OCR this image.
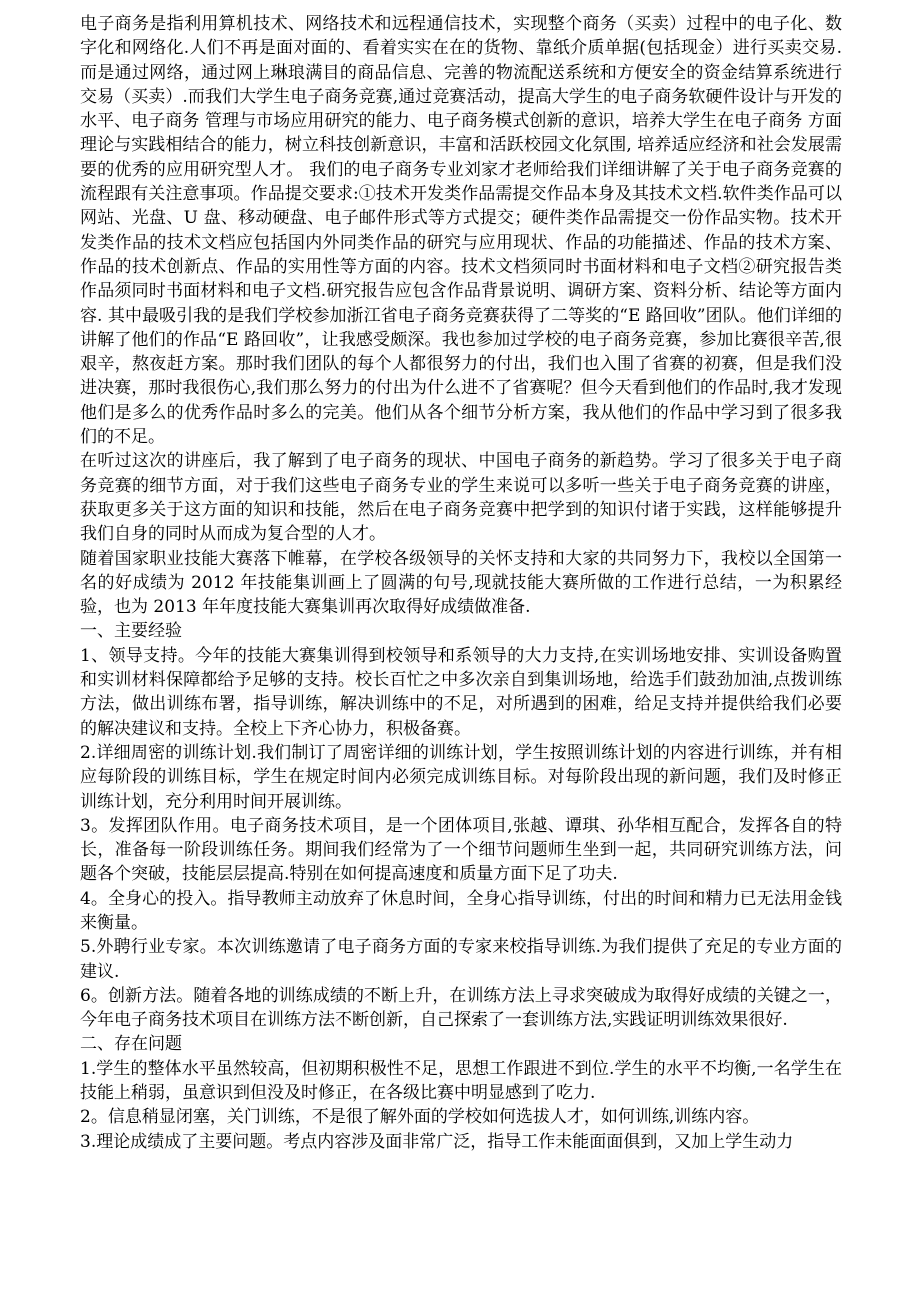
电子商务是指利用算机技术、网络技术和远程通信技术，实现整个商务（买卖）过程中的电子化、数字化和网络化.人们不再是面对面的、看着实实在在的货物、靠纸介质单据(包括现金）进行买卖交易.而是通过网络，通过网上琳琅满目的商品信息、完善的物流配送系统和方便安全的资金结算系统进行交易（买卖）.而我们大学生电子商务竞赛,通过竞赛活动，提高大学生的电子商务软硬件设计与开发的水平、电子商务 管理与市场应用研究的能力、电子商务模式创新的意识，培养大学生在电子商务 方面理论与实践相结合的能力，树立科技创新意识，丰富和活跃校园文化氛围, 培养适应经济和社会发展需要的优秀的应用研究型人才。 我们的电子商务专业刘家才老师给我们详细讲解了关于电子商务竞赛的流程跟有关注意事项。作品提交要求:①技术开发类作品需提交作品本身及其技术文档.软件类作品可以网站、光盘、U 盘、移动硬盘、电子邮件形式等方式提交；硬件类作品需提交一份作品实物。技术开发类作品的技术文档应包括国内外同类作品的研究与应用现状、作品的功能描述、作品的技术方案、作品的技术创新点、作品的实用性等方面的内容。技术文档须同时书面材料和电子文档②研究报告类作品须同时书面材料和电子文档.研究报告应包含作品背景说明、调研方案、资料分析、结论等方面内容. 其中最吸引我的是我们学校参加浙江省电子商务竞赛获得了二等奖的“E 路回收”团队。他们详细的讲解了他们的作品“E 路回收”，让我感受颇深。我也参加过学校的电子商务竞赛，参加比赛很辛苦,很艰辛，熬夜赶方案。那时我们团队的每个人都很努力的付出，我们也入围了省赛的初赛，但是我们没进决赛，那时我很伤心,我们那么努力的付出为什么进不了省赛呢？但今天看到他们的作品时,我才发现他们是多么的优秀作品时多么的完美。他们从各个细节分析方案，我从他们的作品中学习到了很多我们的不足。

在听过这次的讲座后，我了解到了电子商务的现状、中国电子商务的新趋势。学习了很多关于电子商务竞赛的细节方面，对于我们这些电子商务专业的学生来说可以多听一些关于电子商务竞赛的讲座，获取更多关于这方面的知识和技能，然后在电子商务竞赛中把学到的知识付诸于实践，这样能够提升我们自身的同时从而成为复合型的人才。

随着国家职业技能大赛落下帷幕，在学校各级领导的关怀支持和大家的共同努力下，我校以全国第一名的好成绩为 2012 年技能集训画上了圆满的句号,现就技能大赛所做的工作进行总结，一为积累经验，也为 2013 年年度技能大赛集训再次取得好成绩做准备.

一、主要经验

1、领导支持。今年的技能大赛集训得到校领导和系领导的大力支持,在实训场地安排、实训设备购置和实训材料保障都给予足够的支持。校长百忙之中多次亲自到集训场地，给选手们鼓劲加油,点拨训练方法，做出训练布署，指导训练，解决训练中的不足，对所遇到的困难，给足支持并提供给我们必要的解决建议和支持。全校上下齐心协力，积极备赛。

2.详细周密的训练计划.我们制订了周密详细的训练计划，学生按照训练计划的内容进行训练，并有相应每阶段的训练目标，学生在规定时间内必须完成训练目标。对每阶段出现的新问题，我们及时修正训练计划，充分利用时间开展训练。

3。发挥团队作用。电子商务技术项目，是一个团体项目,张越、谭琪、孙华相互配合，发挥各自的特长，准备每一阶段训练任务。期间我们经常为了一个细节问题师生坐到一起，共同研究训练方法，问题各个突破，技能层层提高.特别在如何提高速度和质量方面下足了功夫.

4。全身心的投入。指导教师主动放弃了休息时间，全身心指导训练，付出的时间和精力已无法用金钱来衡量。

5.外聘行业专家。本次训练邀请了电子商务方面的专家来校指导训练.为我们提供了充足的专业方面的建议.

6。创新方法。随着各地的训练成绩的不断上升，在训练方法上寻求突破成为取得好成绩的关键之一，今年电子商务技术项目在训练方法不断创新，自己探索了一套训练方法,实践证明训练效果很好.

二、存在问题

1.学生的整体水平虽然较高，但初期积极性不足，思想工作跟进不到位.学生的水平不均衡,一名学生在技能上稍弱，虽意识到但没及时修正，在各级比赛中明显感到了吃力.

2。信息稍显闭塞，关门训练，不是很了解外面的学校如何选拔人才，如何训练,训练内容。

3.理论成绩成了主要问题。考点内容涉及面非常广泛，指导工作未能面面俱到，又加上学生动力
